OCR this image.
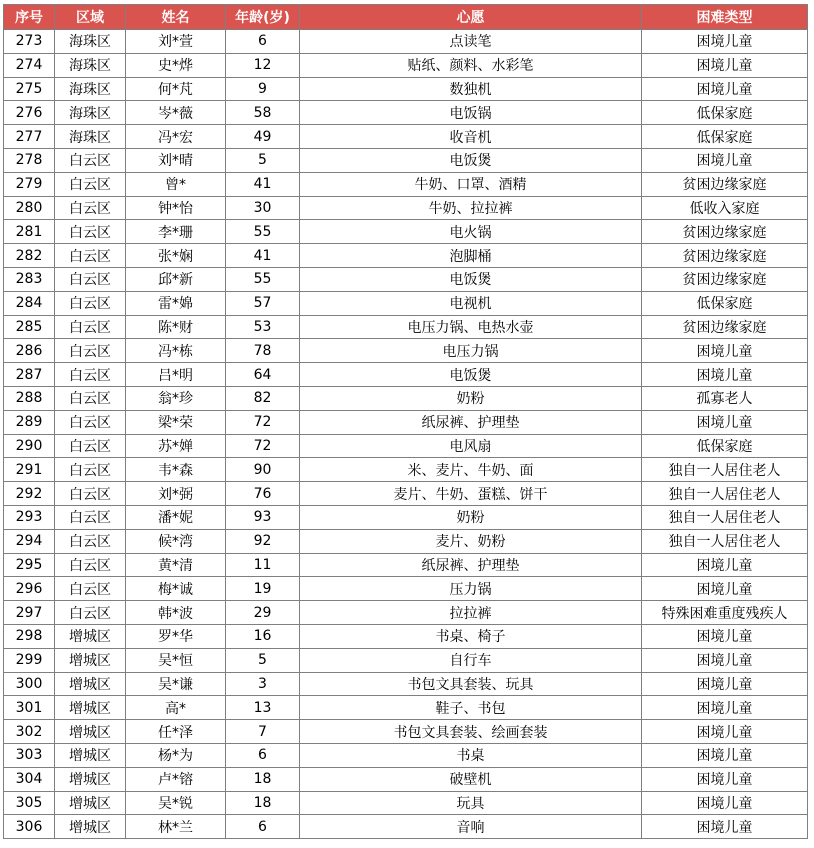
序号	区域	姓名	年龄(岁)	心愿	困难类型
273	海珠区	刘*萱	6	点读笔	困境儿童
274	海珠区	史*烨	12	贴纸、颜料、水彩笔	困境儿童
275	海珠区	何*芃	9	数独机	困境儿童
276	海珠区	岑*薇	58	电饭锅	低保家庭
277	海珠区	冯*宏	49	收音机	低保家庭
278	白云区	刘*晴	5	电饭煲	困境儿童
279	白云区	曾*	41	牛奶、口罩、酒精	贫困边缘家庭
280	白云区	钟*怡	30	牛奶、拉拉裤	低收入家庭
281	白云区	李*珊	55	电火锅	贫困边缘家庭
282	白云区	张*娴	41	泡脚桶	贫困边缘家庭
283	白云区	邱*新	55	电饭煲	贫困边缘家庭
284	白云区	雷*婂	57	电视机	低保家庭
285	白云区	陈*财	53	电压力锅、电热水壶	贫困边缘家庭
286	白云区	冯*栋	78	电压力锅	困境儿童
287	白云区	吕*明	64	电饭煲	困境儿童
288	白云区	翁*珍	82	奶粉	孤寡老人
289	白云区	梁*荣	72	纸尿裤、护理垫	困境儿童
290	白云区	苏*婵	72	电风扇	低保家庭
291	白云区	韦*森	90	米、麦片、牛奶、面	独自一人居住老人
292	白云区	刘*弼	76	麦片、牛奶、蛋糕、饼干	独自一人居住老人
293	白云区	潘*妮	93	奶粉	独自一人居住老人
294	白云区	候*湾	92	麦片、奶粉	独自一人居住老人
295	白云区	黄*清	11	纸尿裤、护理垫	困境儿童
296	白云区	梅*诚	19	压力锅	困境儿童
297	白云区	韩*波	29	拉拉裤	特殊困难重度残疾人
298	增城区	罗*华	16	书桌、椅子	困境儿童
299	增城区	吴*恒	5	自行车	困境儿童
300	增城区	吴*谦	3	书包文具套装、玩具	困境儿童
301	增城区	高*	13	鞋子、书包	困境儿童
302	增城区	任*泽	7	书包文具套装、绘画套装	困境儿童
303	增城区	杨*为	6	书桌	困境儿童
304	增城区	卢*镕	18	破壁机	困境儿童
305	增城区	吴*锐	18	玩具	困境儿童
306	增城区	林*兰	6	音响	困境儿童
